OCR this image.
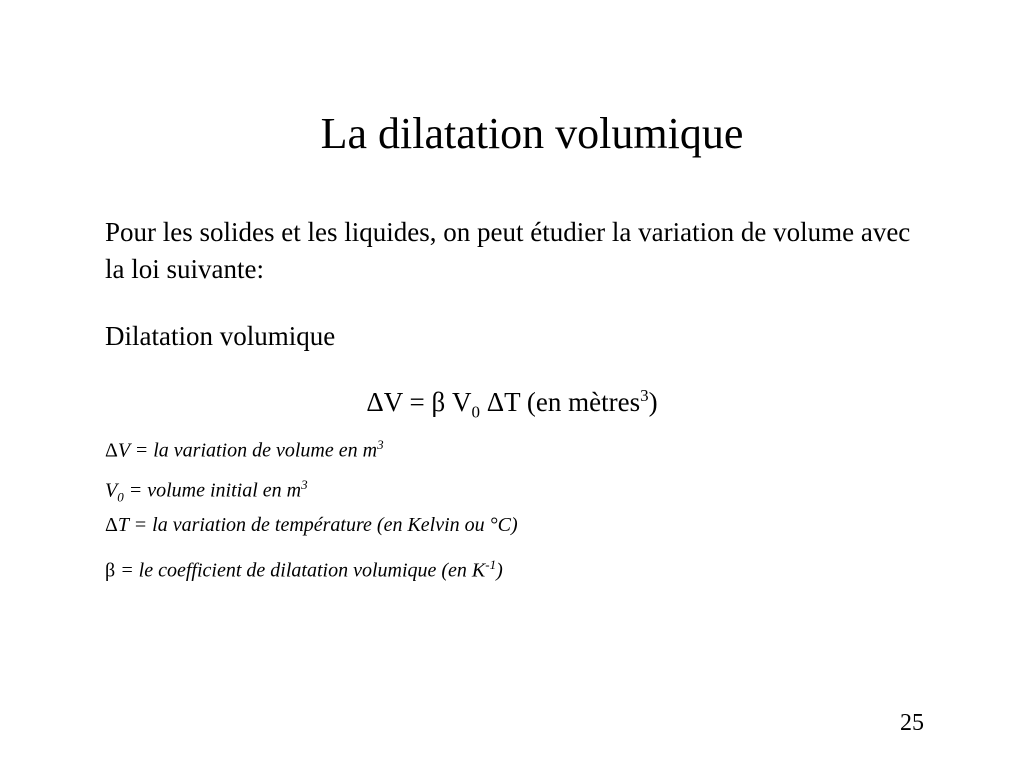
La dilatation volumique

Pour les solides et les liquides, on peut étudier la variation de volume avec la loi suivante:

Dilatation volumique

ΔV = β $V_0$ ΔT (en mètres$^3$)

ΔV = la variation de volume en $m^3$
$V_0$ = volume initial en $m^3$
ΔT = la variation de température (en Kelvin ou °C)
β = le coefficient de dilatation volumique (en $K^{-1}$)
25
